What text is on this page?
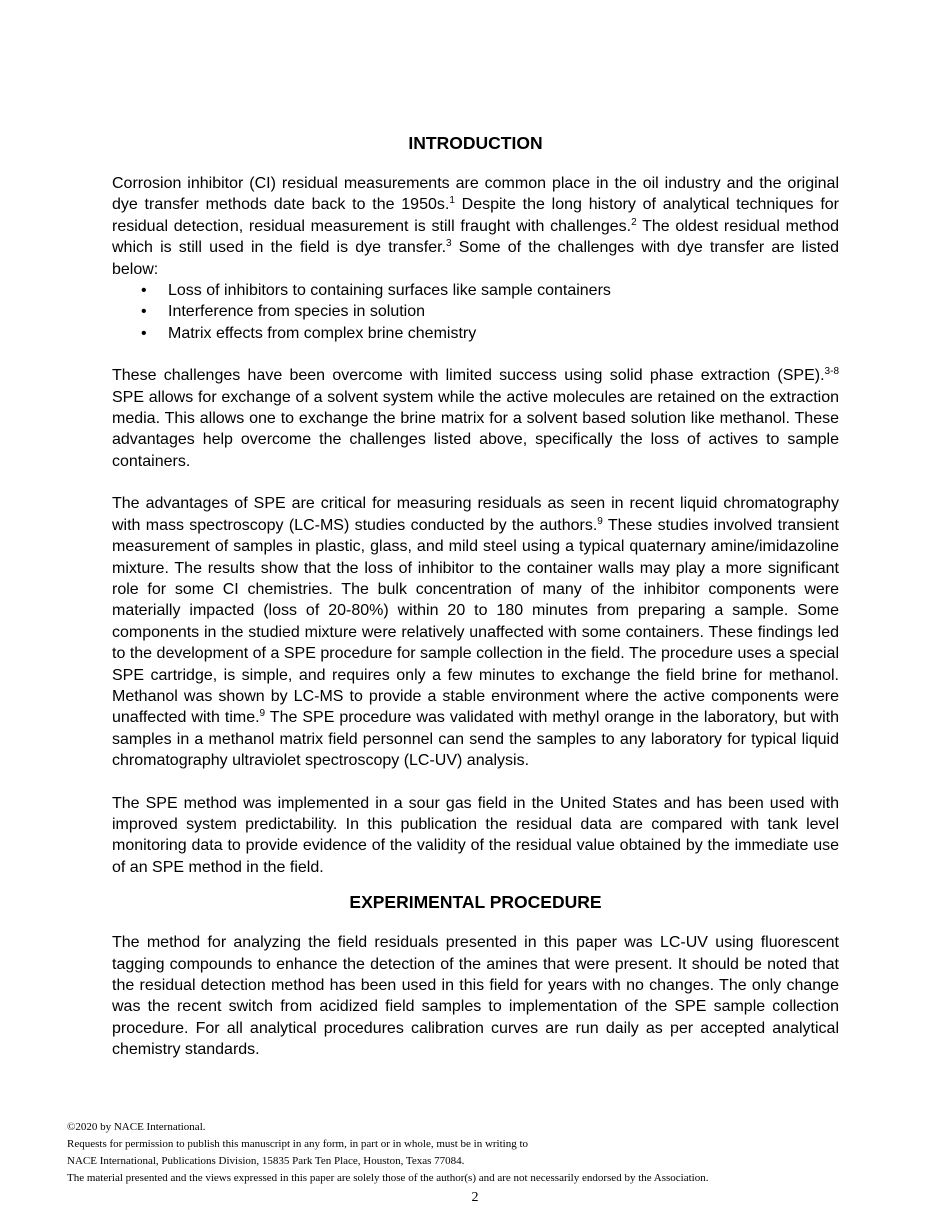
INTRODUCTION

Corrosion inhibitor (CI) residual measurements are common place in the oil industry and the original dye transfer methods date back to the 1950s.$^1$ Despite the long history of analytical techniques for residual detection, residual measurement is still fraught with challenges.$^2$ The oldest residual method which is still used in the field is dye transfer.$^3$ Some of the challenges with dye transfer are listed below:

• Loss of inhibitors to containing surfaces like sample containers
• Interference from species in solution
• Matrix effects from complex brine chemistry

These challenges have been overcome with limited success using solid phase extraction (SPE).$^{3-8}$ SPE allows for exchange of a solvent system while the active molecules are retained on the extraction media. This allows one to exchange the brine matrix for a solvent based solution like methanol. These advantages help overcome the challenges listed above, specifically the loss of actives to sample containers.

The advantages of SPE are critical for measuring residuals as seen in recent liquid chromatography with mass spectroscopy (LC-MS) studies conducted by the authors.$^9$ These studies involved transient measurement of samples in plastic, glass, and mild steel using a typical quaternary amine/imidazoline mixture. The results show that the loss of inhibitor to the container walls may play a more significant role for some CI chemistries. The bulk concentration of many of the inhibitor components were materially impacted (loss of 20-80%) within 20 to 180 minutes from preparing a sample. Some components in the studied mixture were relatively unaffected with some containers. These findings led to the development of a SPE procedure for sample collection in the field. The procedure uses a special SPE cartridge, is simple, and requires only a few minutes to exchange the field brine for methanol. Methanol was shown by LC-MS to provide a stable environment where the active components were unaffected with time.$^9$ The SPE procedure was validated with methyl orange in the laboratory, but with samples in a methanol matrix field personnel can send the samples to any laboratory for typical liquid chromatography ultraviolet spectroscopy (LC-UV) analysis.

The SPE method was implemented in a sour gas field in the United States and has been used with improved system predictability. In this publication the residual data are compared with tank level monitoring data to provide evidence of the validity of the residual value obtained by the immediate use of an SPE method in the field.

EXPERIMENTAL PROCEDURE

The method for analyzing the field residuals presented in this paper was LC-UV using fluorescent tagging compounds to enhance the detection of the amines that were present. It should be noted that the residual detection method has been used in this field for years with no changes. The only change was the recent switch from acidized field samples to implementation of the SPE sample collection procedure. For all analytical procedures calibration curves are run daily as per accepted analytical chemistry standards.

©2020 by NACE International.
Requests for permission to publish this manuscript in any form, in part or in whole, must be in writing to
NACE International, Publications Division, 15835 Park Ten Place, Houston, Texas 77084.
The material presented and the views expressed in this paper are solely those of the author(s) and are not necessarily endorsed by the Association.
2
